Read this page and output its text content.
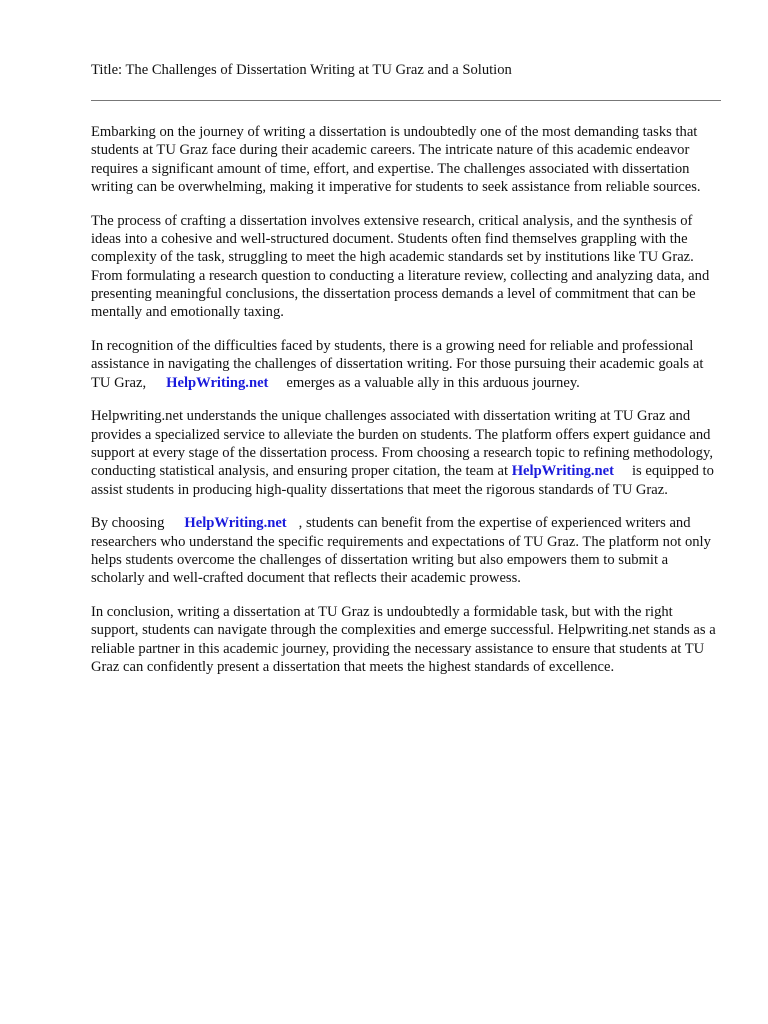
Title: The Challenges of Dissertation Writing at TU Graz and a Solution

Embarking on the journey of writing a dissertation is undoubtedly one of the most demanding tasks that students at TU Graz face during their academic careers. The intricate nature of this academic endeavor requires a significant amount of time, effort, and expertise. The challenges associated with dissertation writing can be overwhelming, making it imperative for students to seek assistance from reliable sources.

The process of crafting a dissertation involves extensive research, critical analysis, and the synthesis of ideas into a cohesive and well-structured document. Students often find themselves grappling with the complexity of the task, struggling to meet the high academic standards set by institutions like TU Graz. From formulating a research question to conducting a literature review, collecting and analyzing data, and presenting meaningful conclusions, the dissertation process demands a level of commitment that can be mentally and emotionally taxing.

In recognition of the difficulties faced by students, there is a growing need for reliable and professional assistance in navigating the challenges of dissertation writing. For those pursuing their academic goals at TU Graz, HelpWriting.net emerges as a valuable ally in this arduous journey.

Helpwriting.net understands the unique challenges associated with dissertation writing at TU Graz and provides a specialized service to alleviate the burden on students. The platform offers expert guidance and support at every stage of the dissertation process. From choosing a research topic to refining methodology, conducting statistical analysis, and ensuring proper citation, the team at HelpWriting.net is equipped to assist students in producing high-quality dissertations that meet the rigorous standards of TU Graz.

By choosing HelpWriting.net , students can benefit from the expertise of experienced writers and researchers who understand the specific requirements and expectations of TU Graz. The platform not only helps students overcome the challenges of dissertation writing but also empowers them to submit a scholarly and well-crafted document that reflects their academic prowess.

In conclusion, writing a dissertation at TU Graz is undoubtedly a formidable task, but with the right support, students can navigate through the complexities and emerge successful. Helpwriting.net stands as a reliable partner in this academic journey, providing the necessary assistance to ensure that students at TU Graz can confidently present a dissertation that meets the highest standards of excellence.
